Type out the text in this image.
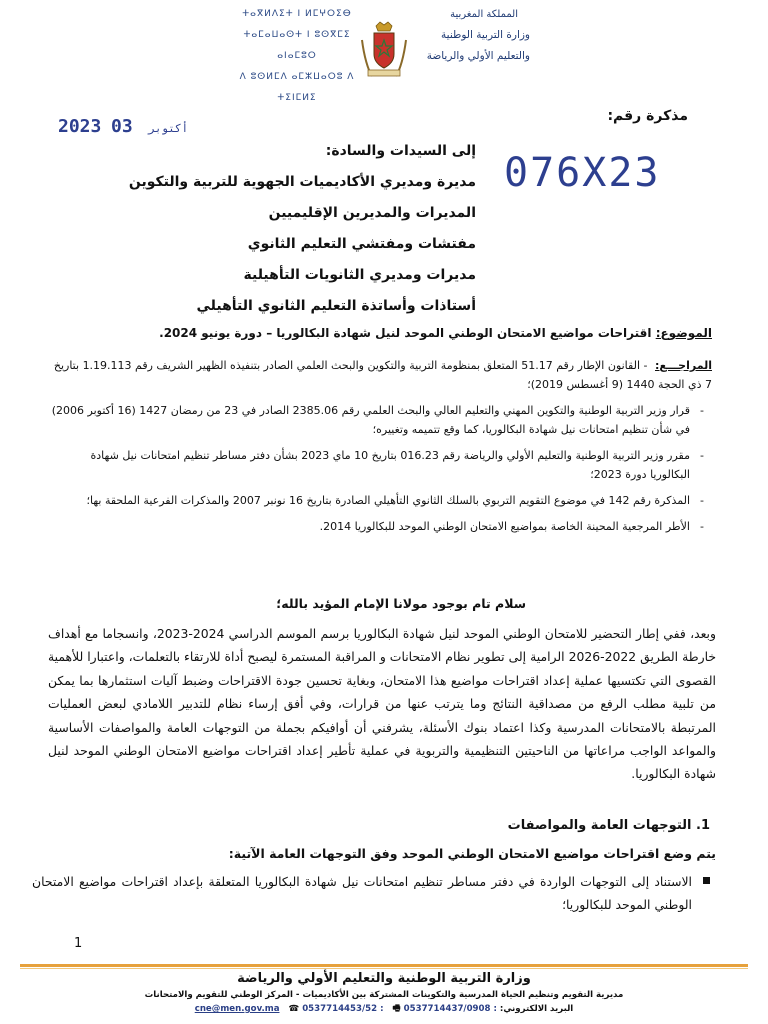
المملكة المغربية
وزارة التربية الوطنية
والتعليم الأولي والرياضة
ⵜⴰⴳⵍⴷⵉⵜ ⵏ ⵍⵎⵖⵔⵉⴱ
ⵜⴰⵎⴰⵡⴰⵙⵜ ⵏ ⵓⵙⴳⵎⵉ ⴰⵏⴰⵎⵓⵔ
ⴷ ⵓⵙⵍⵎⴷ ⴰⵎⵣⵡⴰⵔⵓ ⴷ ⵜⵉⵏⵎⵍⵉ
مذكرة رقم:
2023	أكتوبر 03
076X23
إلى السيدات والسادة:
مديرة ومديري الأكاديميات الجهوية للتربية والتكوين
المديرات والمديرين الإقليميين
مفتشات ومفتشي التعليم الثانوي
مديرات ومديري الثانويات التأهيلية
أستاذات وأساتذة التعليم الثانوي التأهيلي
الموضوع: اقتراحات مواضيع الامتحان الوطني الموحد لنيل شهادة البكالوريا – دورة يونيو 2024.
المراجـــع: - القانون الإطار رقم 51.17 المتعلق بمنظومة التربية والتكوين والبحث العلمي الصادر بتنفيذه الظهير الشريف رقم 1.19.113 بتاريخ 7 ذي الحجة 1440 (9 أغسطس 2019)؛
- قرار وزير التربية الوطنية والتكوين المهني والتعليم العالي والبحث العلمي رقم 2385.06 الصادر في 23 من رمضان 1427 (16 أكتوبر 2006) في شأن تنظيم امتحانات نيل شهادة البكالوريا، كما وقع تتميمه وتغييره؛
- مقرر وزير التربية الوطنية والتعليم الأولي والرياضة رقم 016.23 بتاريخ 10 ماي 2023 بشأن دفتر مساطر تنظيم امتحانات نيل شهادة البكالوريا دورة 2023؛
- المذكرة رقم 142 في موضوع التقويم التربوي بالسلك الثانوي التأهيلي الصادرة بتاريخ 16 نونبر 2007 والمذكرات الفرعية الملحقة بها؛
- الأطر المرجعية المحينة الخاصة بمواضيع الامتحان الوطني الموحد للبكالوريا 2014.
سلام تام بوجود مولانا الإمام المؤيد بالله؛
وبعد، ففي إطار التحضير للامتحان الوطني الموحد لنيل شهادة البكالوريا برسم الموسم الدراسي 2024-2023، وانسجاما مع أهداف خارطة الطريق 2022-2026 الرامية إلى تطوير نظام الامتحانات و المراقبة المستمرة ليصبح أداة للارتقاء بالتعلمات، واعتبارا للأهمية القصوى التي تكتسيها عملية إعداد اقتراحات مواضيع هذا الامتحان، وبغاية تحسين جودة الاقتراحات وضبط آليات استثمارها بما يمكن من تلبية مطلب الرفع من مصداقية النتائج وما يترتب عنها من قرارات، وفي أفق إرساء نظام للتدبير اللامادي لبعض العمليات المرتبطة بالامتحانات المدرسية وكذا اعتماد بنوك الأسئلة، يشرفني أن أوافيكم بجملة من التوجهات العامة والمواصفات الأساسية والمواعد الواجب مراعاتها من الناحيتين التنظيمية والتربوية في عملية تأطير إعداد اقتراحات مواضيع الامتحان الوطني الموحد لنيل شهادة البكالوريا.
1. التوجهات العامة والمواصفات
يتم وضع اقتراحات مواضيع الامتحان الوطني الموحد وفق التوجهات العامة الآتية:
الاستناد إلى التوجهات الواردة في دفتر مساطر تنظيم امتحانات نيل شهادة البكالوريا المتعلقة بإعداد اقتراحات مواضيع الامتحان الوطني الموحد للبكالوريا؛
1
وزارة التربية الوطنية والتعليم الأولي والرياضة
مديرية التقويم وتنظيم الحياة المدرسية والتكوينات المشتركة بين الأكاديميات - المركز الوطني للتقويم والامتحانات
البريد الالكتروني: cne@men.gov.ma ☎ 0537714453/52 : 🖷 0537714437/0908 :
